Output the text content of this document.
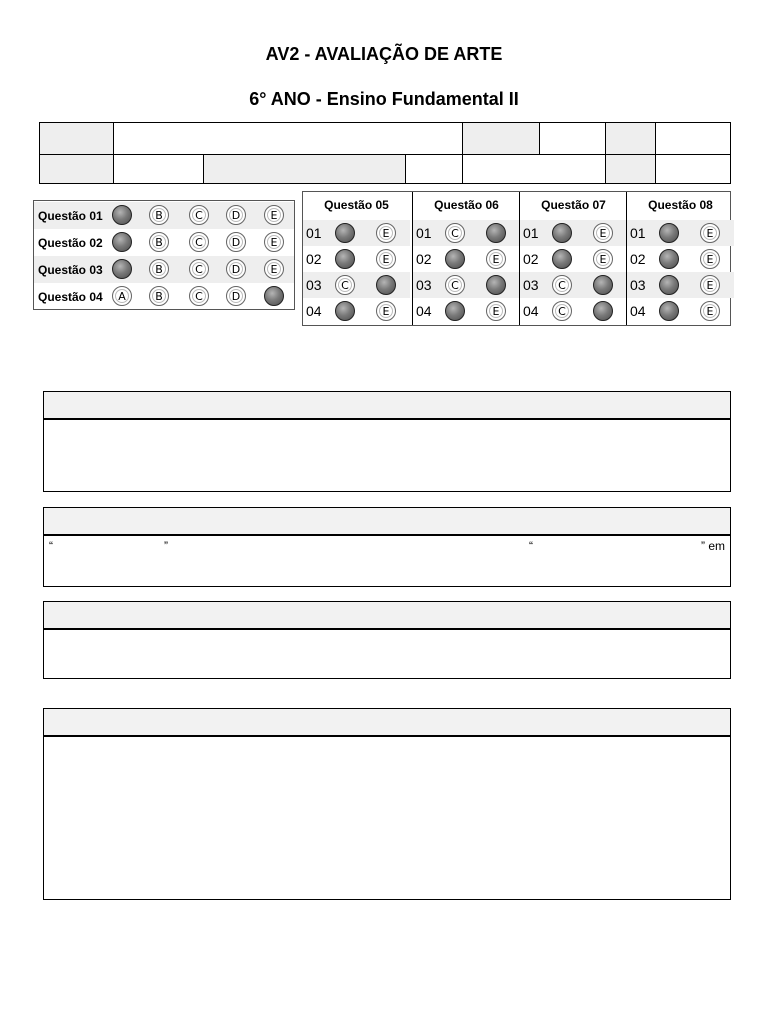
AV2 - AVALIAÇÃO DE ARTE
6° ANO - Ensino Fundamental II
Questão 01	B	C	D	E
Questão 02	B	C	D	E
Questão 03	B	C	D	E
Questão 04	A	B	C	D
Questão 05
01	E
02	E
03	C
04	E
Questão 06
01	C
02	E
03	C
04	E
Questão 07
01	E
02	E
03	C
04	C
Questão 08
01	E
02	E
03	E
04	E
“	”	“	” em
